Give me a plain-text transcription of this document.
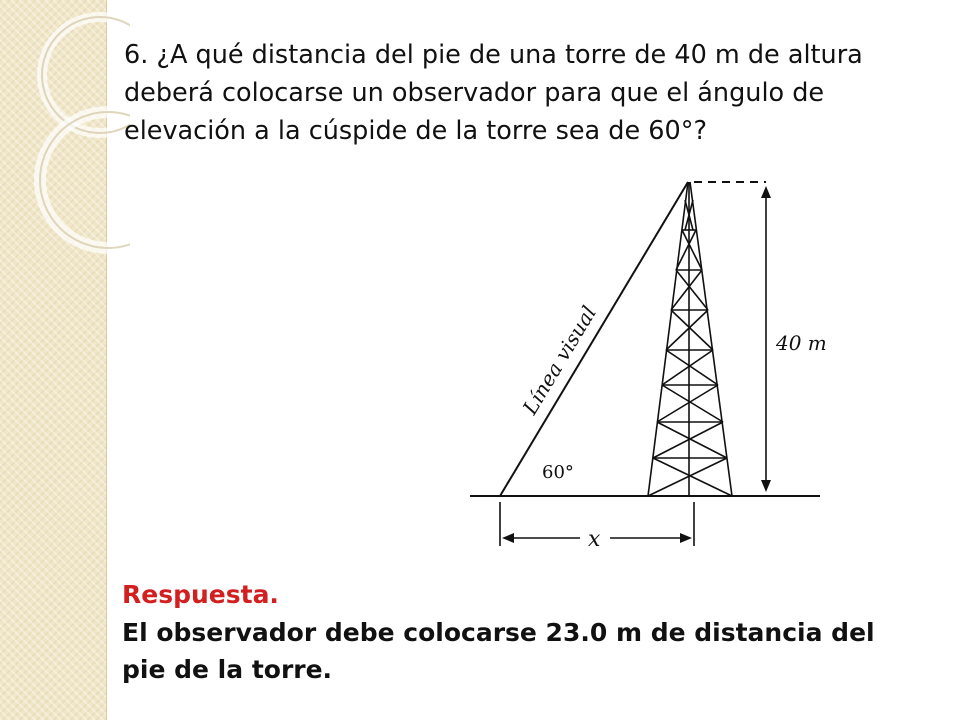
6. ¿A qué distancia del pie de una torre de 40 m de altura deberá colocarse un observador para que el ángulo de elevación a la cúspide de la torre sea de 60°?

40 m
60°
Línea visual
x

Respuesta.

El observador debe colocarse 23.0 m de distancia del pie de la torre.
